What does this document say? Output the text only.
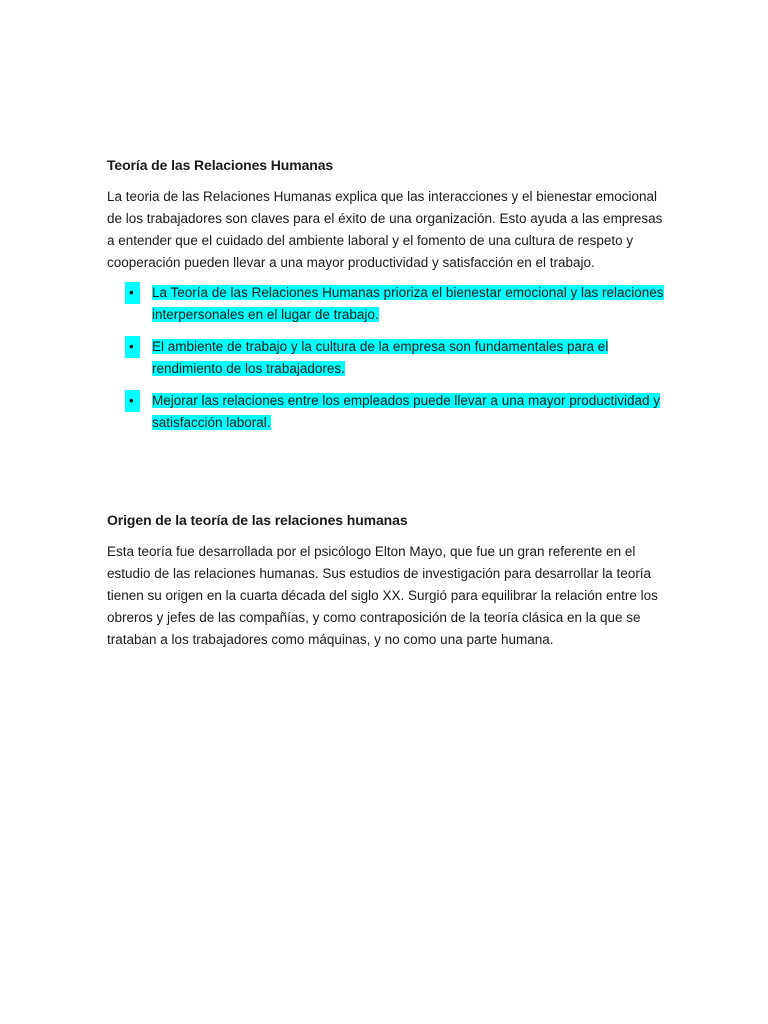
Teoría de las Relaciones Humanas

La teoria de las Relaciones Humanas explica que las interacciones y el bienestar emocional de los trabajadores son claves para el éxito de una organización. Esto ayuda a las empresas a entender que el cuidado del ambiente laboral y el fomento de una cultura de respeto y cooperación pueden llevar a una mayor productividad y satisfacción en el trabajo.

•	La Teoría de las Relaciones Humanas prioriza el bienestar emocional y las relaciones interpersonales en el lugar de trabajo.
•	El ambiente de trabajo y la cultura de la empresa son fundamentales para el rendimiento de los trabajadores.
•	Mejorar las relaciones entre los empleados puede llevar a una mayor productividad y satisfacción laboral.
Origen de la teoría de las relaciones humanas

Esta teoría fue desarrollada por el psicólogo Elton Mayo, que fue un gran referente en el estudio de las relaciones humanas. Sus estudios de investigación para desarrollar la teoría tienen su origen en la cuarta década del siglo XX. Surgió para equilibrar la relación entre los obreros y jefes de las compañías, y como contraposición de la teoría clásica en la que se trataban a los trabajadores como máquinas, y no como una parte humana.
